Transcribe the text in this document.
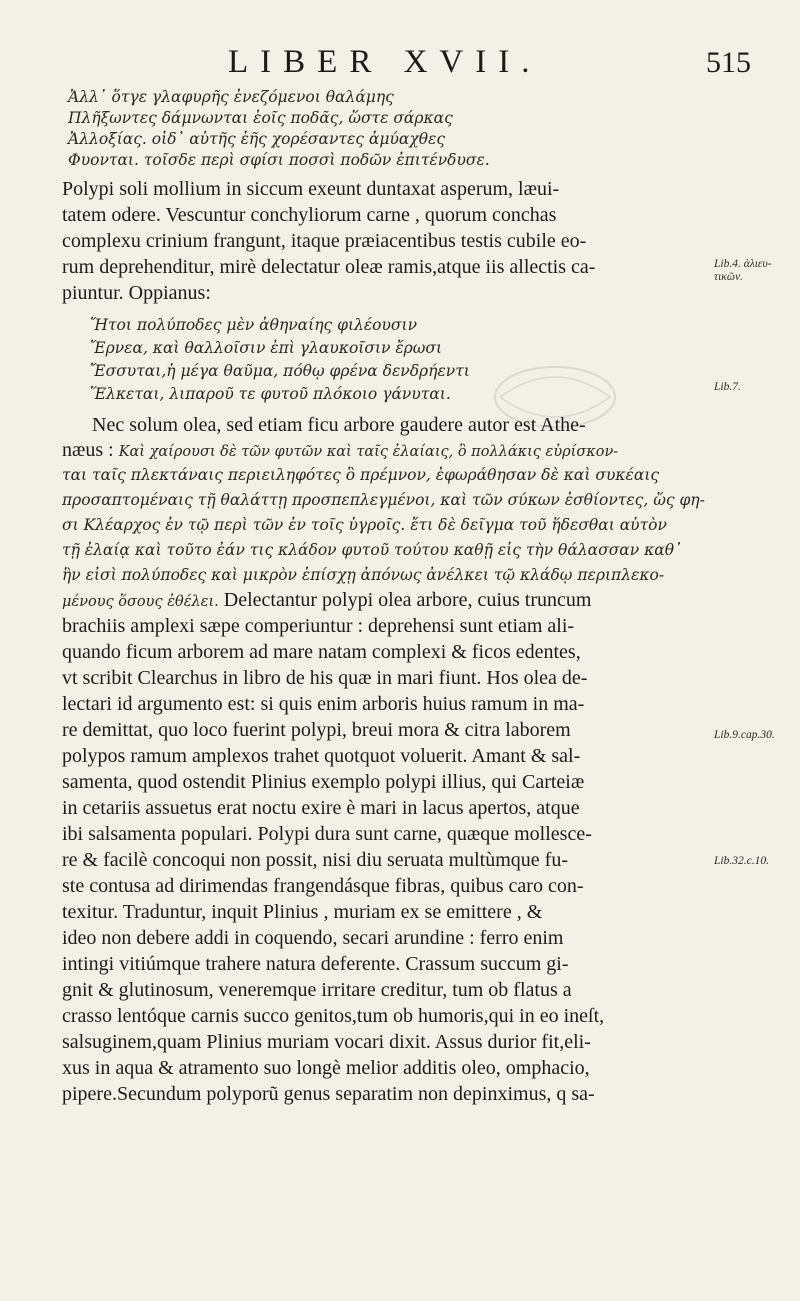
LIBER XVII.	515
Ἀλλ᾽ ὅτγε γλαφυρῆς ἐνεζόμενοι θαλάμης
Πλῆξωντες δάμνωνται ἑοῖς ποδᾶς, ὥστε σάρκας
Ἀλλοξίας. οἱδ᾽ αὐτῆς ἑῆς χορέσαντες ἀμύαχθες
Φυονται. τοῖσδε περὶ σφίσι ποσσὶ ποδῶν ἐπιτένδυσε.
Polypi soli mollium in siccum exeunt duntaxat asperum, læui-
tatem odere. Vescuntur conchyliorum carne , quorum conchas
complexu crinium frangunt, itaque præiacentibus testis cubile eo-
rum deprehenditur, mirè delectatur oleæ ramis,atque iis allectis ca-
piuntur. Oppianus:
Ἤτοι πολύποδες μὲν ἀθηναίης φιλέουσιν
Ἔρνεα, καὶ θαλλοῖσιν ἐπὶ γλαυκοῖσιν ἔρωσι
Ἔσσυται,ἡ μέγα θαῦμα, πόθῳ φρένα δενδρήεντι
Ἕλκεται, λιπαροῦ τε φυτοῦ πλόκοιο γάνυται.
Nec solum olea, sed etiam ficu arbore gaudere autor est Athe-
næus : Καὶ χαίρουσι δὲ τῶν φυτῶν καὶ ταῖς ἐλαίαις, ὃ πολλάκις εὑρίσκον-
ται ταῖς πλεκτάναις περιειληφότες ὃ πρέμνον, ἐφωράθησαν δὲ καὶ συκέαις
προσαπτομέναις τῇ θαλάττῃ προσπεπλεγμένοι, καὶ τῶν σύκων ἐσθίοντες, ὥς φη-
σι Κλέαρχος ἐν τῷ περὶ τῶν ἐν τοῖς ὑγροῖς. ἔτι δὲ δεῖγμα τοῦ ἥδεσθαι αὐτὸν
τῇ ἐλαίᾳ καὶ τοῦτο ἐάν τις κλάδον φυτοῦ τούτου καθῇ εἰς τὴν θάλασσαν καθ᾽
ἣν εἰσὶ πολύποδες καὶ μικρὸν ἐπίσχῃ ἀπόνως ἀνέλκει τῷ κλάδῳ περιπλεκο-
μένους ὅσους ἐθέλει. Delectantur polypi olea arbore, cuius truncum
brachiis amplexi sæpe comperiuntur : deprehensi sunt etiam ali-
quando ficum arborem ad mare natam complexi & ficos edentes,
vt scribit Clearchus in libro de his quæ in mari fiunt. Hos olea de-
lectari id argumento est: si quis enim arboris huius ramum in ma-
re demittat, quo loco fuerint polypi, breui mora & citra laborem
polypos ramum amplexos trahet quotquot voluerit. Amant & sal-
samenta, quod ostendit Plinius exemplo polypi illius, qui Carteiæ
in cetariis assuetus erat noctu exire è mari in lacus apertos, atque
ibi salsamenta populari. Polypi dura sunt carne, quæque mollesce-
re & facilè concoqui non possit, nisi diu seruata multùmque fu-
ste contusa ad dirimendas frangendásque fibras, quibus caro con-
texitur. Traduntur, inquit Plinius , muriam ex se emittere , &
ideo non debere addi in coquendo, secari arundine : ferro enim
intingi vitiúmque trahere natura deferente. Crassum succum gi-
gnit & glutinosum, veneremque irritare creditur, tum ob flatus a
crasso lentóque carnis succo genitos,tum ob humoris,qui in eo ineſt,
salsuginem,quam Plinius muriam vocari dixit. Assus durior fit,eli-
xus in aqua & atramento suo longè melior additis oleo, omphacio,
pipere.Secundum polyporũ genus separatim non depinximus, q sa-
Lib.4. ἁλιευ-
τικῶν.
Lib.7.
Lib.9.cap.30.
Lib.32.c.10.
